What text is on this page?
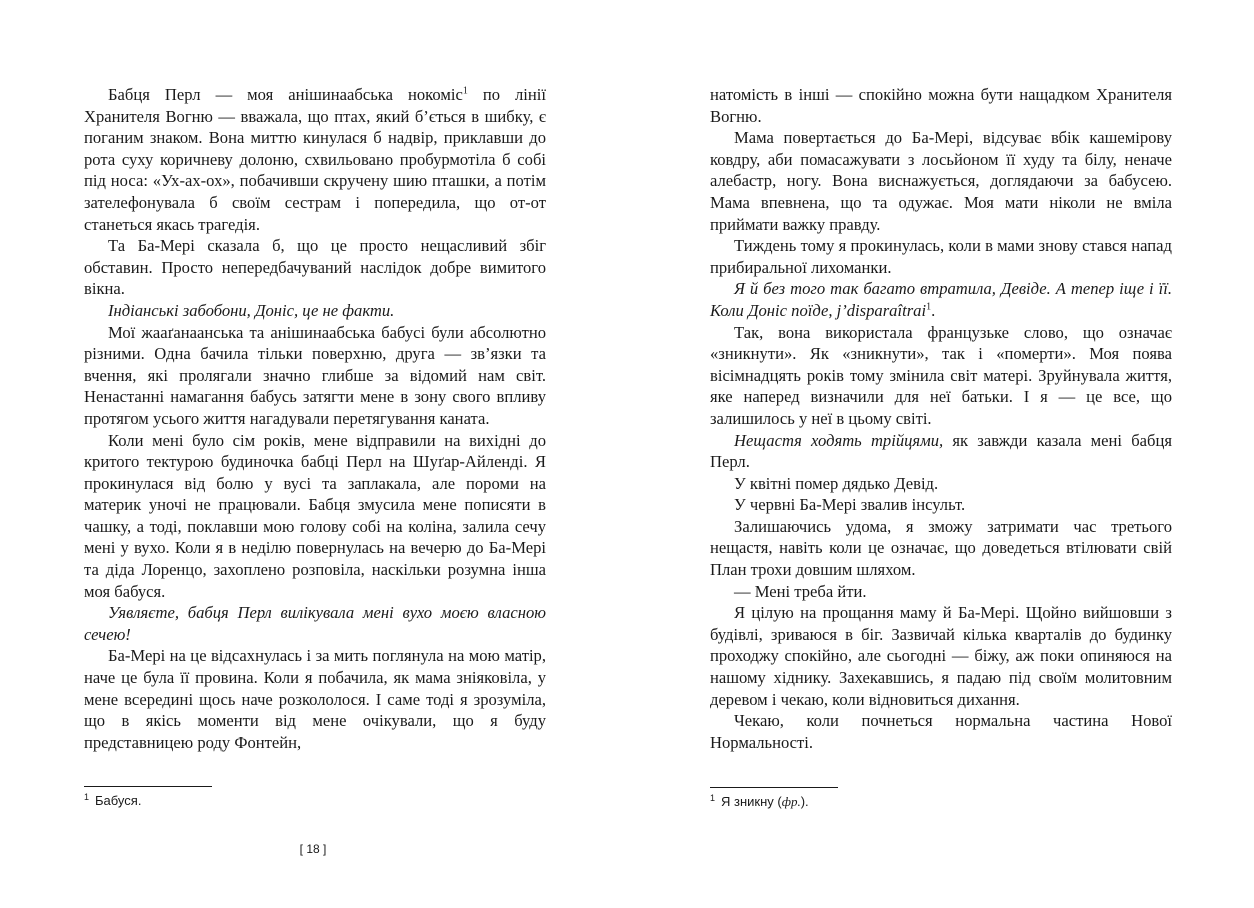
Бабця Перл — моя анішинаабська нокоміс$^1$ по лінії Хранителя Вогню — вважала, що птах, який б’ється в шибку, є поганим знаком. Вона миттю кинулася б надвір, приклавши до рота суху коричневу долоню, схвильовано пробурмотіла б собі під носа: «Ух-ах-ох», побачивши скручену шию пташки, а потім зателефонувала б своїм сестрам і попередила, що от-от станеться якась трагедія.

Та Ба-Мері сказала б, що це просто нещасливий збіг обставин. Просто непередбачуваний наслідок добре вимитого вікна.

Індіанські забобони, Доніс, це не факти.

Мої жааґанаанська та анішинаабська бабусі були абсолютно різними. Одна бачила тільки поверхню, друга — зв’язки та вчення, які пролягали значно глибше за відомий нам світ. Ненастанні намагання бабусь затягти мене в зону свого впливу протягом усього життя нагадували перетягування каната.

Коли мені було сім років, мене відправили на вихідні до критого тектурою будиночка бабці Перл на Шуґар-Айленді. Я прокинулася від болю у вусі та заплакала, але пороми на материк уночі не працювали. Бабця змусила мене пописяти в чашку, а тоді, поклавши мою голову собі на коліна, залила сечу мені у вухо. Коли я в неділю повернулась на вечерю до Ба-Мері та діда Лоренцо, захоплено розповіла, наскільки розумна інша моя бабуся.

Уявляєте, бабця Перл вилікувала мені вухо моєю власною сечею!

Ба-Мері на це відсахнулась і за мить поглянула на мою матір, наче це була її провина. Коли я побачила, як мама зніяковіла, у мене всередині щось наче розкололося. І саме тоді я зрозуміла, що в якісь моменти від мене очікували, що я буду представницею роду Фонтейн,

$^1$ Бабуся.
[ 18 ]

натомість в інші — спокійно можна бути нащадком Хранителя Вогню.

Мама повертається до Ба-Мері, відсуває вбік кашемірову ковдру, аби помасажувати з лосьйоном її худу та білу, неначе алебастр, ногу. Вона виснажується, доглядаючи за бабусею. Мама впевнена, що та одужає. Моя мати ніколи не вміла приймати важку правду.

Тиждень тому я прокинулась, коли в мами знову стався напад прибиральної лихоманки.

Я й без того так багато втратила, Девіде. А тепер іще і її. Коли Доніс поїде, j’disparaîtrai$^1$.

Так, вона використала французьке слово, що означає «зникнути». Як «зникнути», так і «померти». Моя поява вісімнадцять років тому змінила світ матері. Зруйнувала життя, яке наперед визначили для неї батьки. І я — це все, що залишилось у неї в цьому світі.

Нещастя ходять трійцями, як завжди казала мені бабця Перл.

У квітні помер дядько Девід.

У червні Ба-Мері звалив інсульт.

Залишаючись удома, я зможу затримати час третього нещастя, навіть коли це означає, що доведеться втілювати свій План трохи довшим шляхом.

— Мені треба йти.

Я цілую на прощання маму й Ба-Мері. Щойно вийшовши з будівлі, зриваюся в біг. Зазвичай кілька кварталів до будинку проходжу спокійно, але сьогодні — біжу, аж поки опиняюся на нашому хіднику. Захекавшись, я падаю під своїм молитовним деревом і чекаю, коли відновиться дихання.

Чекаю, коли почнеться нормальна частина Нової Нормальності.

$^1$ Я зникну (фр.).
